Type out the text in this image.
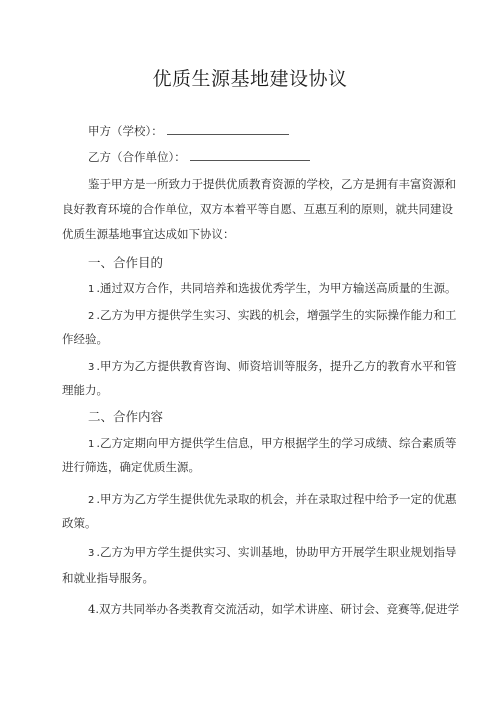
优质生源基地建设协议
甲方（学校）：
乙方（合作单位）：
鉴于甲方是一所致力于提供优质教育资源的学校，乙方是拥有丰富资源和
良好教育环境的合作单位，双方本着平等自愿、互惠互利的原则，就共同建设
优质生源基地事宜达成如下协议：
一、合作目的
1 .通过双方合作，共同培养和选拔优秀学生，为甲方输送高质量的生源。
2 .乙方为甲方提供学生实习、实践的机会，增强学生的实际操作能力和工
作经验。
3 .甲方为乙方提供教育咨询、师资培训等服务，提升乙方的教育水平和管
理能力。
二、合作内容
1 .乙方定期向甲方提供学生信息，甲方根据学生的学习成绩、综合素质等
进行筛选，确定优质生源。
2 .甲方为乙方学生提供优先录取的机会，并在录取过程中给予一定的优惠
政策。
3 .乙方为甲方学生提供实习、实训基地，协助甲方开展学生职业规划指导
和就业指导服务。
4.双方共同举办各类教育交流活动，如学术讲座、研讨会、竞赛等,促进学
